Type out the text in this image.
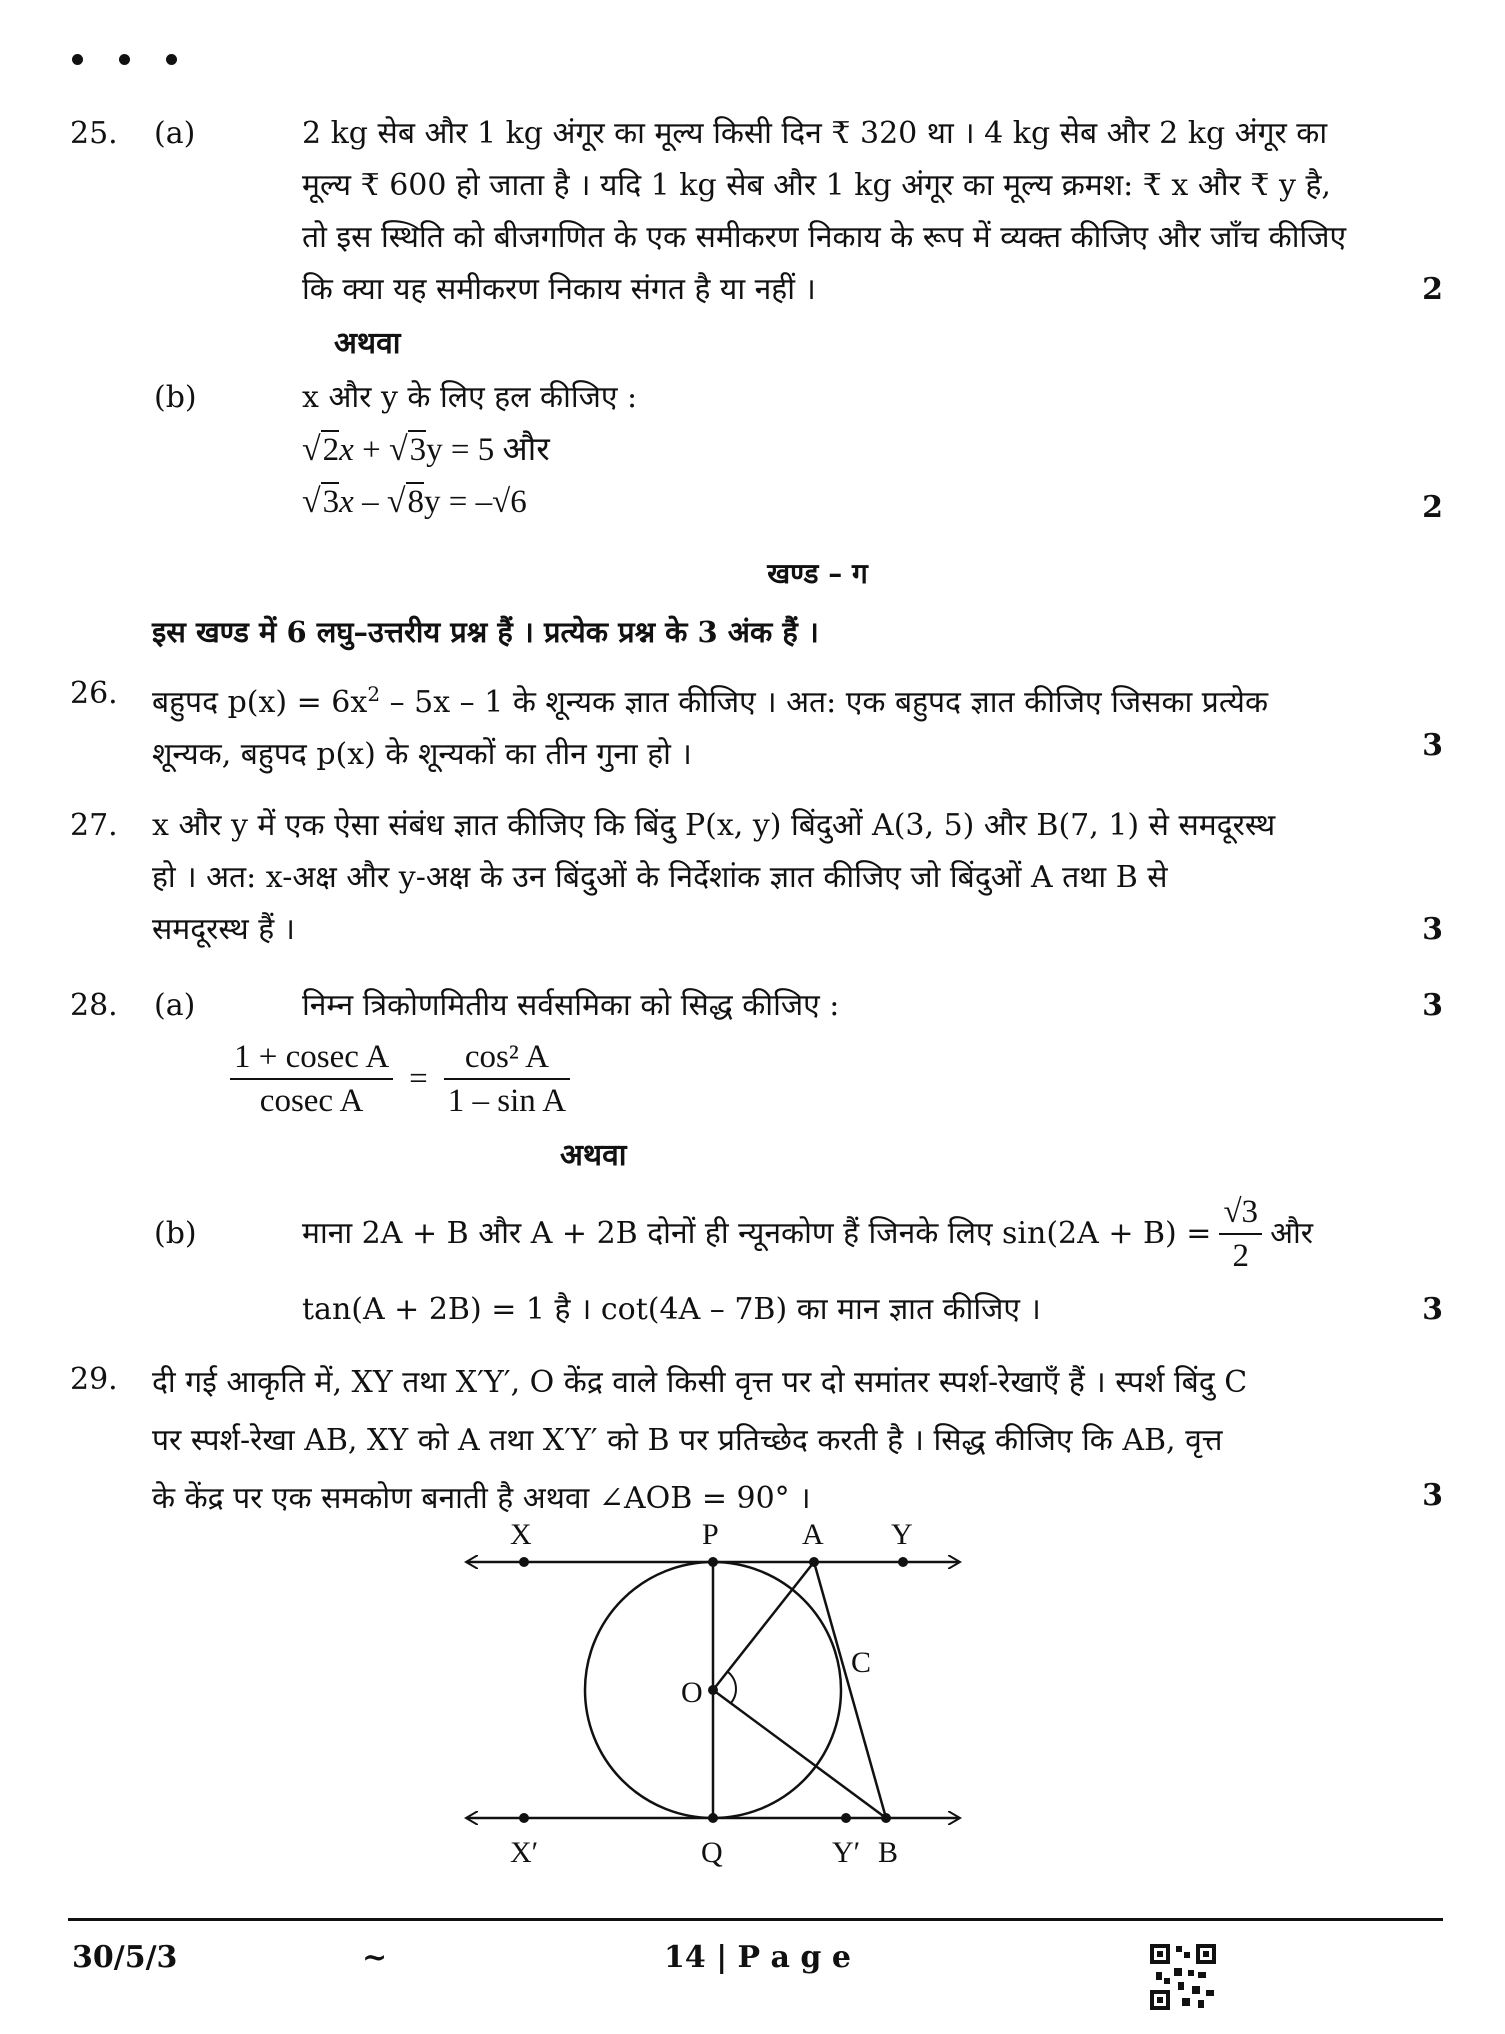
25.	(a)	2 kg सेब और 1 kg अंगूर का मूल्य किसी दिन ₹ 320 था । 4 kg सेब और 2 kg अंगूर का
मूल्य ₹ 600 हो जाता है । यदि 1 kg सेब और 1 kg अंगूर का मूल्य क्रमश: ₹ x और ₹ y है,
तो इस स्थिति को बीजगणित के एक समीकरण निकाय के रूप में व्यक्त कीजिए और जाँच कीजिए
कि क्या यह समीकरण निकाय संगत है या नहीं ।	2
अथवा
(b)	x और y के लिए हल कीजिए :
√2x + √3y = 5 और
√3x – √8y = –√6	2
खण्ड – ग
इस खण्ड में 6 लघु–उत्तरीय प्रश्न हैं । प्रत्येक प्रश्न के 3 अंक हैं ।
26.	बहुपद $p(x) = 6x^2 - 5x - 1$ के शून्यक ज्ञात कीजिए । अत: एक बहुपद ज्ञात कीजिए जिसका प्रत्येक
शून्यक, बहुपद p(x) के शून्यकों का तीन गुना हो ।	3
27.	x और y में एक ऐसा संबंध ज्ञात कीजिए कि बिंदु P(x, y) बिंदुओं A(3, 5) और B(7, 1) से समदूरस्थ
हो । अत: x-अक्ष और y-अक्ष के उन बिंदुओं के निर्देशांक ज्ञात कीजिए जो बिंदुओं A तथा B से
समदूरस्थ हैं ।	3
28.	(a)	निम्न त्रिकोणमितीय सर्वसमिका को सिद्ध कीजिए :	3
$\frac{\text{1 + cosec A}}{\text{cosec A}} = \frac{\text{cos² A}}{\text{1 – sin A}}$
अथवा
(b)	माना 2A + B और A + 2B दोनों ही न्यूनकोण हैं जिनके लिए $\sin(2A + B) = \frac{√3}{2}$ और
tan(A + 2B) = 1 है । cot(4A – 7B) का मान ज्ञात कीजिए ।	3
29.	दी गई आकृति में, XY तथा X′Y′, O केंद्र वाले किसी वृत्त पर दो समांतर स्पर्श-रेखाएँ हैं । स्पर्श बिंदु C
पर स्पर्श-रेखा AB, XY को A तथा X′Y′ को B पर प्रतिच्छेद करती है । सिद्ध कीजिए कि AB, वृत्त
के केंद्र पर एक समकोण बनाती है अथवा ∠AOB = 90° ।	3
X	P	A Y
C
O
X′	Q	Y′ B
30/5/3	~	14 | P a g e
